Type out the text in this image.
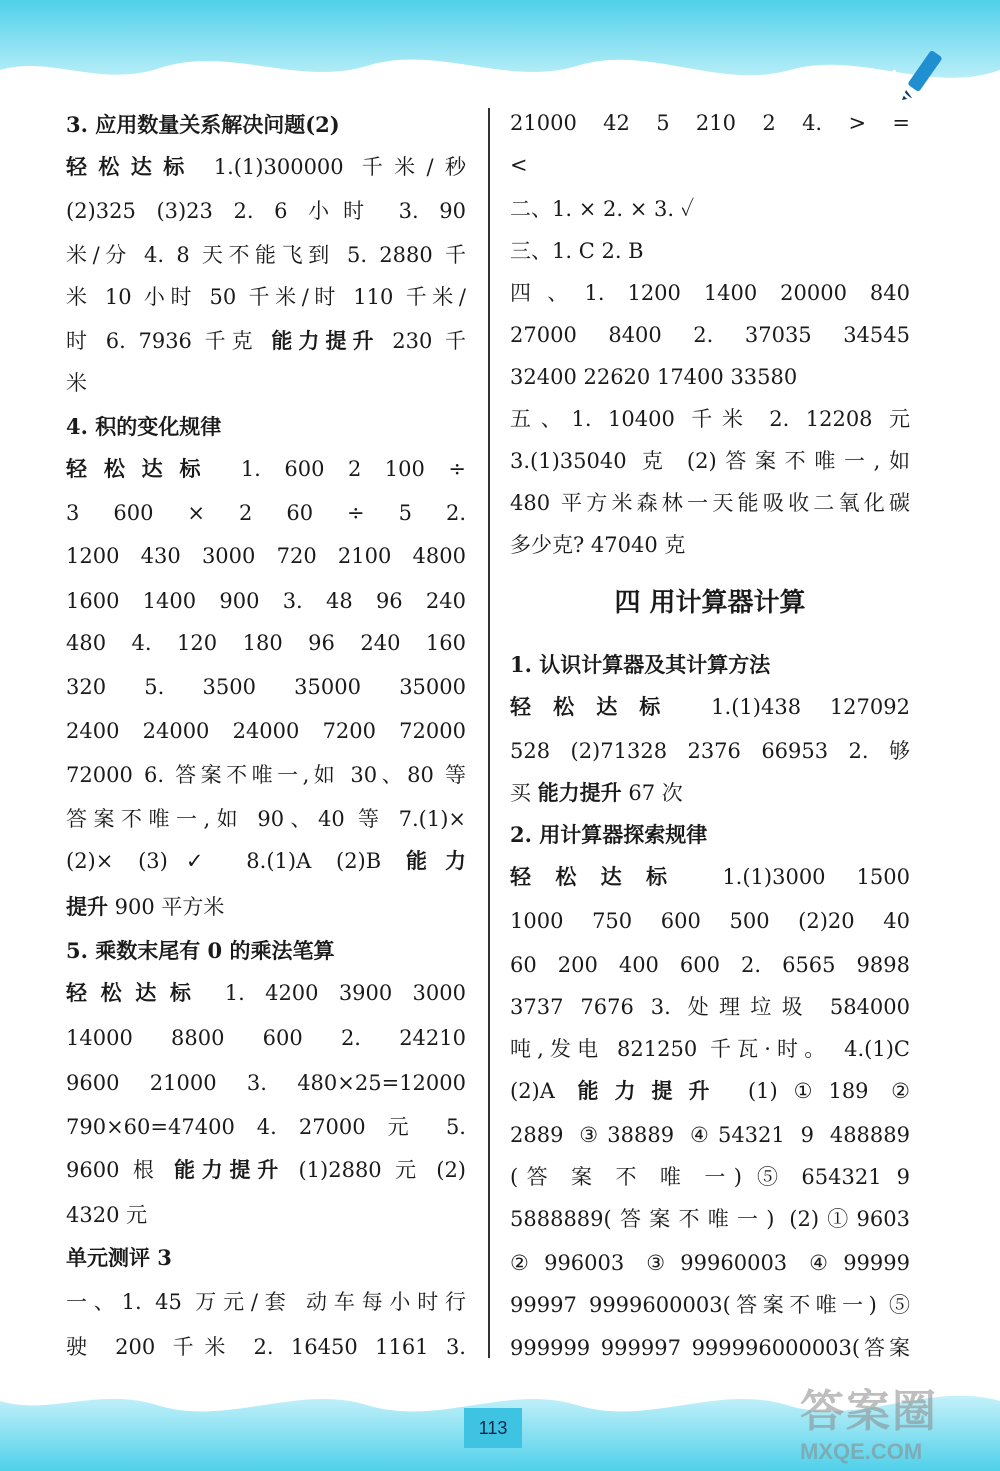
3. 应用数量关系解决问题(2)
轻松达标 1.(1)300000 千米/秒
(2)325 (3)23 2. 6 小时 3. 90
米/分 4. 8 天不能飞到 5. 2880 千
米 10 小时 50 千米/时 110 千米/
时 6. 7936 千克 能力提升 230 千
米
4. 积的变化规律
轻松达标 1. 600 2 100 ÷
3 600 × 2 60 ÷ 5 2.
1200 430 3000 720 2100 4800
1600 1400 900 3. 48 96 240
480 4. 120 180 96 240 160
320 5. 3500 35000 35000
2400 24000 24000 7200 72000
72000 6. 答案不唯一,如 30、80 等
答案不唯一,如 90、40 等 7.(1)×
(2)× (3)✓ 8.(1)A (2)B 能力
提升 900 平方米
5. 乘数末尾有 0 的乘法笔算
轻松达标 1. 4200 3900 3000
14000 8800 600 2. 24210
9600 21000 3. 480×25=12000
790×60=47400 4. 27000 元 5.
9600 根 能力提升 (1)2880 元 (2)
4320 元
单元测评 3
一、1. 45 万元/套 动车每小时行
驶 200 千米 2. 16450 1161 3.
21000 42 5 210 2 4. > =
<
二、1. × 2. × 3. ✓
三、1. C 2. B
四、1. 1200 1400 20000 840
27000 8400 2. 37035 34545
32400 22620 17400 33580
五、1. 10400 千米 2. 12208 元
3.(1)35040 克 (2)答案不唯一,如
480 平方米森林一天能吸收二氧化碳
多少克? 47040 克
四 用计算器计算
1. 认识计算器及其计算方法
轻松达标 1.(1)438 127092
528 (2)71328 2376 66953 2. 够
买 能力提升 67 次
2. 用计算器探索规律
轻松达标 1.(1)3000 1500
1000 750 600 500 (2)20 40
60 200 400 600 2. 6565 9898
3737 7676 3. 处理垃圾 584000
吨,发电 821250 千瓦·时。 4.(1)C
(2)A 能力提升 (1)①189 ②
2889 ③38889 ④54321 9 488889
(答 案 不 唯 一) ⑤ 654321 9
5888889(答案不唯一) (2)①9603
②996003 ③99960003 ④99999
99997 9999600003(答案不唯一) ⑤
999999 999997 999996000003(答案
113	答案圈
MXQE.COM
